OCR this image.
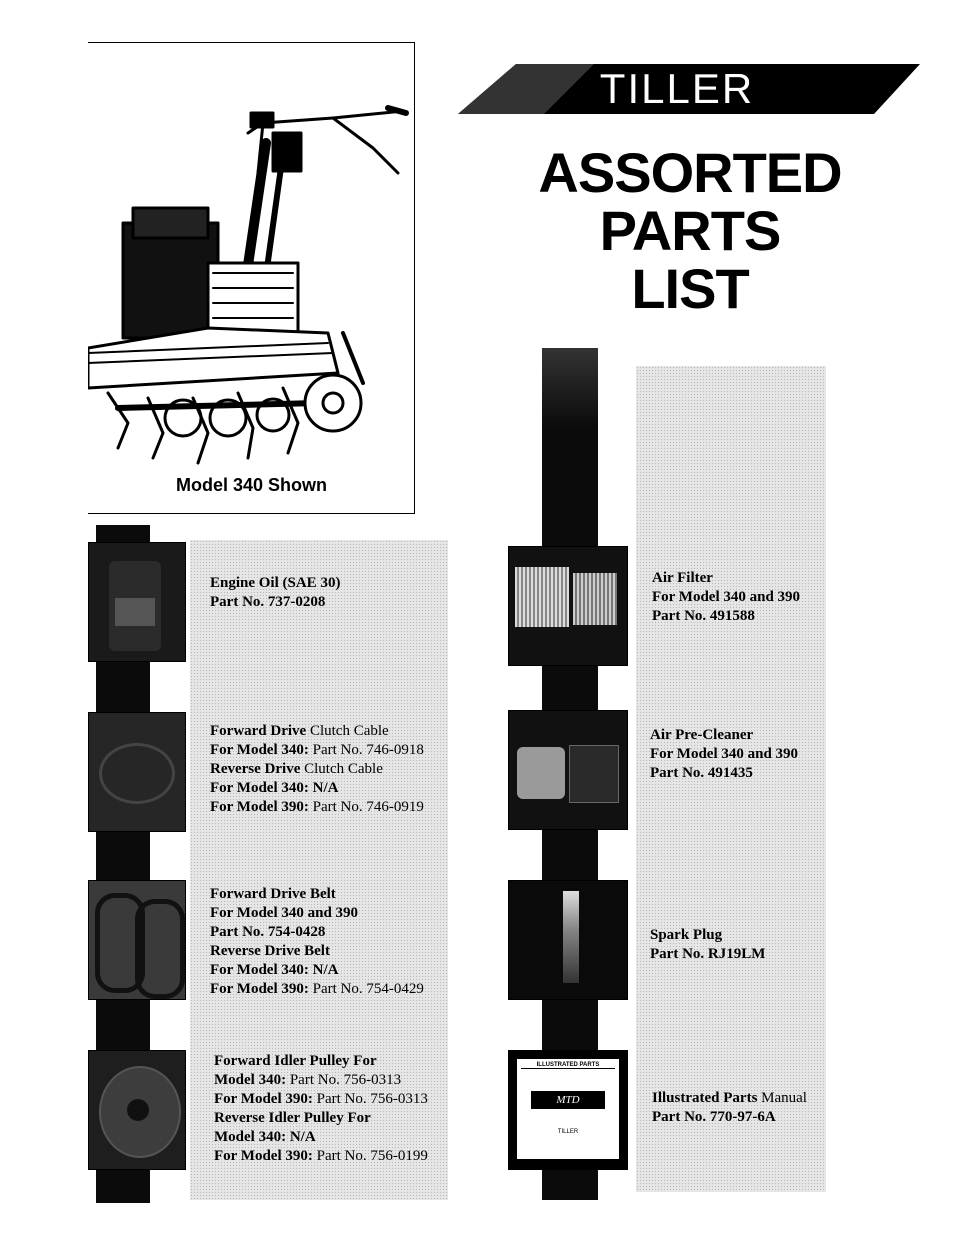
Model 340 Shown
TILLER
ASSORTED
PARTS
LIST
Engine Oil (SAE 30)
Part No. 737-0208
Forward Drive Clutch Cable
For Model 340: Part No. 746-0918
Reverse Drive Clutch Cable
For Model 340: N/A
For Model 390: Part No. 746-0919
Forward Drive Belt
For Model 340 and 390
Part No. 754-0428
Reverse Drive Belt
For Model 340: N/A
For Model 390: Part No. 754-0429
Forward Idler Pulley For
Model 340: Part No. 756-0313
For Model 390: Part No. 756-0313
Reverse Idler Pulley For
Model 340: N/A
For Model 390: Part No. 756-0199
ILLUSTRATED PARTS
MTD
TILLER
Air Filter
For Model 340 and 390
Part No. 491588
Air Pre-Cleaner
For Model 340 and 390
Part No. 491435
Spark Plug
Part No. RJ19LM
Illustrated Parts Manual
Part No. 770-97-6A
